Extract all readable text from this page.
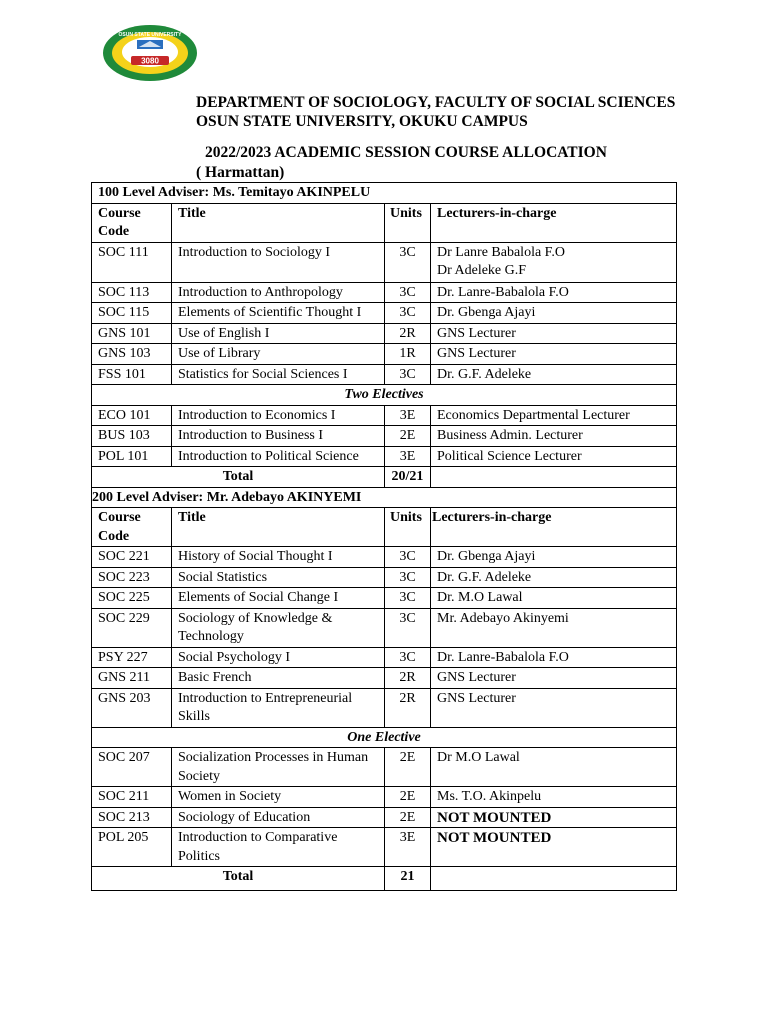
3080
OSUN STATE UNIVERSITY
DEPARTMENT OF SOCIOLOGY, FACULTY OF SOCIAL SCIENCES
OSUN STATE UNIVERSITY, OKUKU CAMPUS
2022/2023 ACADEMIC SESSION COURSE ALLOCATION
( Harmattan)
100 Level Adviser: Ms. Temitayo AKINPELU			
Course Code	Title	Units	Lecturers-in-charge
SOC 111	Introduction to Sociology I	3C	Dr Lanre Babalola F.O
Dr Adeleke G.F

SOC 113	Introduction to Anthropology	3C	Dr. Lanre-Babalola F.O
SOC 115	Elements of Scientific Thought I	3C	Dr. Gbenga Ajayi
GNS 101	Use of English I	2R	GNS Lecturer
GNS 103	Use of Library	1R	GNS Lecturer
FSS 101	Statistics for Social Sciences I	3C	Dr. G.F. Adeleke
Two Electives			
ECO 101	Introduction to Economics I	3E	Economics Departmental Lecturer
BUS 103	Introduction to Business I	2E	Business Admin. Lecturer
POL 101	Introduction to Political Science	3E	Political Science Lecturer
Total		20/21	
200 Level Adviser: Mr. Adebayo AKINYEMI			
Course Code	Title	Units	Lecturers-in-charge
SOC 221	History of Social Thought I	3C	Dr. Gbenga Ajayi
SOC 223	Social Statistics	3C	Dr. G.F. Adeleke
SOC 225	Elements of Social Change I	3C	Dr. M.O Lawal
SOC 229	Sociology of Knowledge & Technology	3C	Mr. Adebayo Akinyemi
PSY 227	Social Psychology I	3C	Dr. Lanre-Babalola F.O
GNS 211	Basic French	2R	GNS Lecturer
GNS 203	Introduction to Entrepreneurial Skills	2R	GNS Lecturer
One Elective			
SOC 207	Socialization Processes in Human Society	2E	Dr M.O Lawal
SOC 211	Women in Society	2E	Ms. T.O. Akinpelu
SOC 213	Sociology of Education	2E	NOT MOUNTED
POL 205	Introduction to Comparative Politics	3E	NOT MOUNTED
Total		21	
